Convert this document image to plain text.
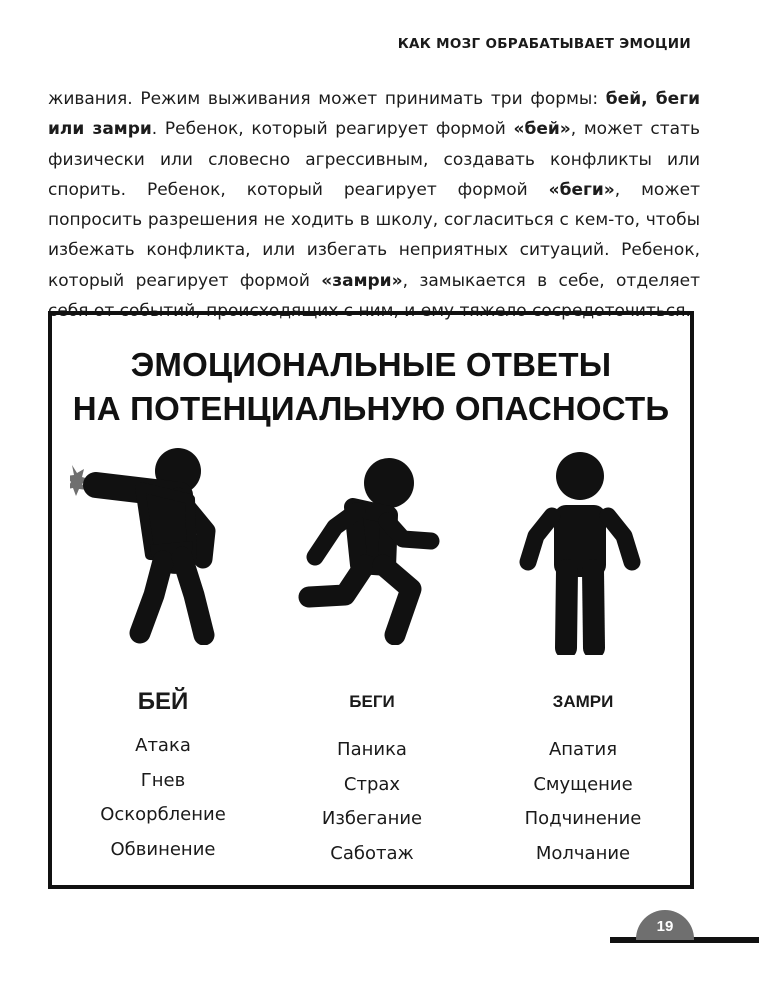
КАК МОЗГ ОБРАБАТЫВАЕТ ЭМОЦИИ

живания. Режим выживания может принимать три формы: бей, беги или замри. Ребенок, который реагирует формой «бей», может стать физически или словесно агрессивным, создавать конфликты или спорить. Ребенок, который реагирует формой «беги», может попросить разрешения не ходить в школу, согласиться с кем-то, чтобы избежать конфликта, или избегать неприятных ситуаций. Ребенок, который реагирует формой «замри», замыкается в себе, отделяет себя от событий, происходящих с ним, и ему тяжело сосредоточиться.

ЭМОЦИОНАЛЬНЫЕ ОТВЕТЫ
НА ПОТЕНЦИАЛЬНУЮ ОПАСНОСТЬ
БЕЙ
Атака
Гнев
Оскорбление
Обвинение
БЕГИ
Паника
Страх
Избегание
Саботаж
ЗАМРИ
Апатия
Смущение
Подчинение
Молчание
19
